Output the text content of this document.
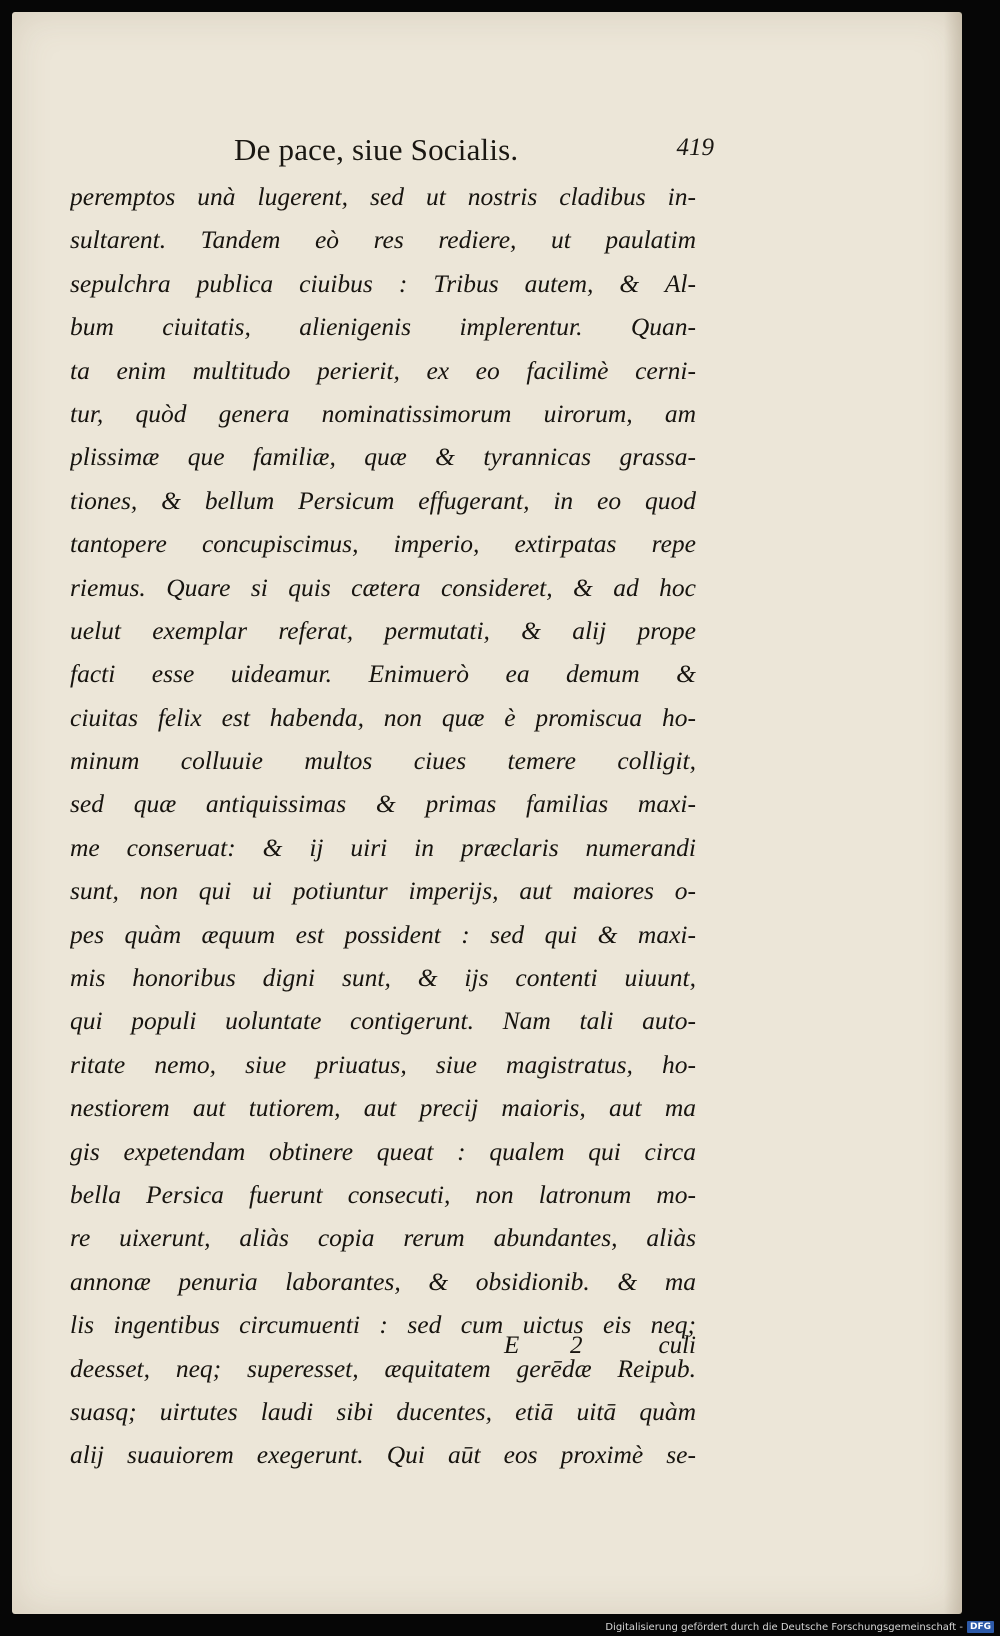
De pace, siue Socialis.	419
peremptos unà lugerent, sed ut nostris cladibus in-
sultarent. Tandem eò res rediere, ut paulatim
sepulchra publica ciuibus : Tribus autem, & Al-
bum ciuitatis, alienigenis implerentur. Quan-
ta enim multitudo perierit, ex eo facilimè cerni-
tur, quòd genera nominatissimorum uirorum, am
plissimæ que familiæ, quæ & tyrannicas grassa-
tiones, & bellum Persicum effugerant, in eo quod
tantopere concupiscimus, imperio, extirpatas repe
riemus. Quare si quis cætera consideret, & ad hoc
uelut exemplar referat, permutati, & alij prope
facti esse uideamur. Enimuerò ea demum &
ciuitas felix est habenda, non quæ è promiscua ho-
minum colluuie multos ciues temere colligit,
sed quæ antiquissimas & primas familias maxi-
me conseruat: & ij uiri in præclaris numerandi
sunt, non qui ui potiuntur imperijs, aut maiores o-
pes quàm æquum est possident : sed qui & maxi-
mis honoribus digni sunt, & ijs contenti uiuunt,
qui populi uoluntate contigerunt. Nam tali auto-
ritate nemo, siue priuatus, siue magistratus, ho-
nestiorem aut tutiorem, aut precij maioris, aut ma
gis expetendam obtinere queat : qualem qui circa
bella Persica fuerunt consecuti, non latronum mo-
re uixerunt, aliàs copia rerum abundantes, aliàs
annonæ penuria laborantes, & obsidionib. & ma
lis ingentibus circumuenti : sed cum uictus eis neq;
deesset, neq; superesset, æquitatem gerēdæ Reipub.
suasq; uirtutes laudi sibi ducentes, etiā uitā quàm
alij suauiorem exegerunt. Qui aūt eos proximè se-
E 2	culi
Digitalisierung gefördert durch die Deutsche Forschungsgemeinschaft - DFG
